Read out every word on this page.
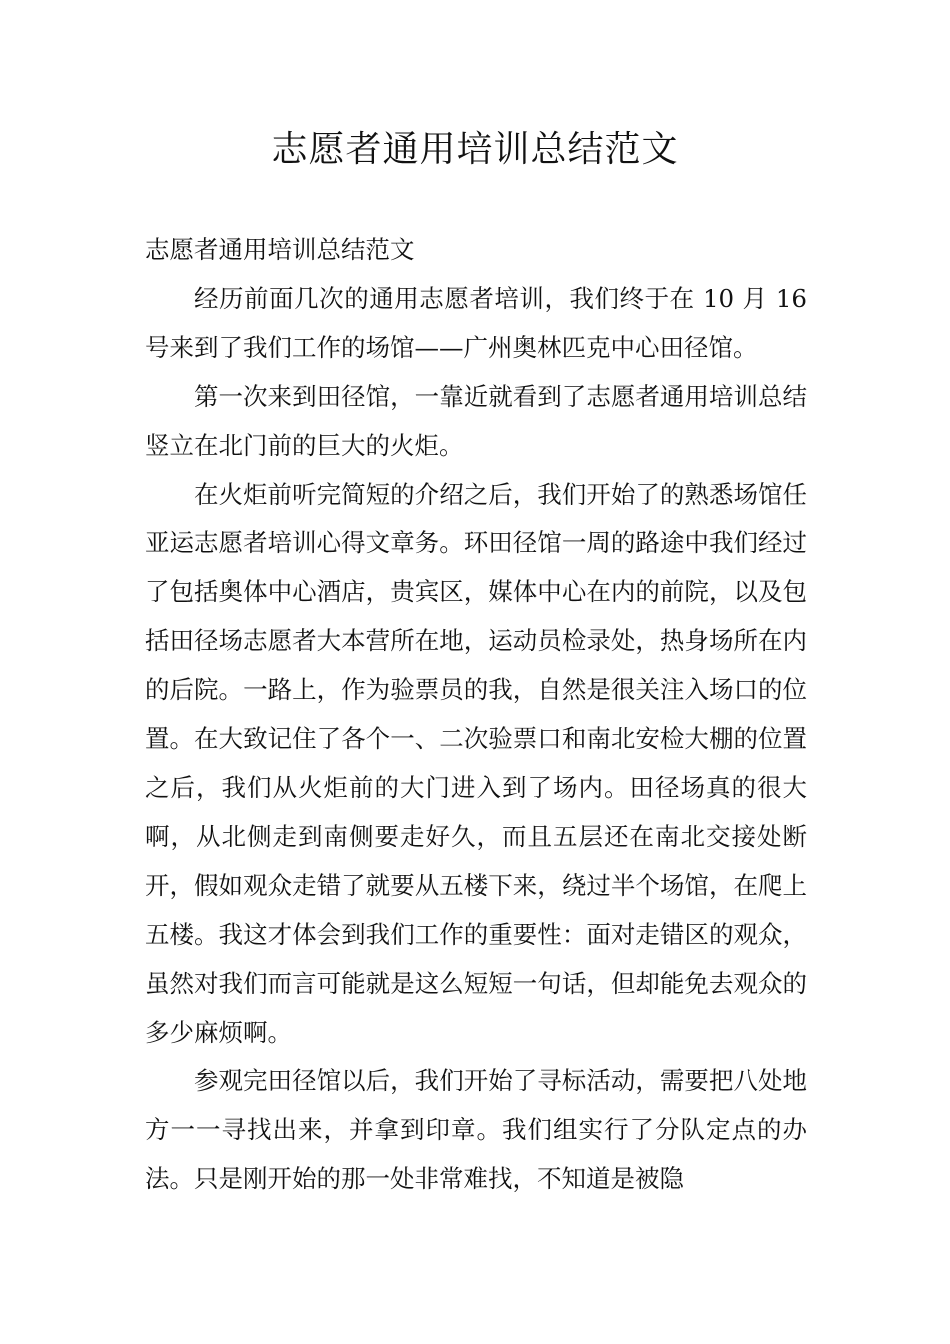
志愿者通用培训总结范文

志愿者通用培训总结范文

经历前面几次的通用志愿者培训，我们终于在 10 月 16 号来到了我们工作的场馆——广州奥林匹克中心田径馆。

第一次来到田径馆，一靠近就看到了志愿者通用培训总结竖立在北门前的巨大的火炬。

在火炬前听完简短的介绍之后，我们开始了的熟悉场馆任亚运志愿者培训心得文章务。环田径馆一周的路途中我们经过了包括奥体中心酒店，贵宾区，媒体中心在内的前院，以及包括田径场志愿者大本营所在地，运动员检录处，热身场所在内的后院。一路上，作为验票员的我，自然是很关注入场口的位置。在大致记住了各个一、二次验票口和南北安检大棚的位置之后，我们从火炬前的大门进入到了场内。田径场真的很大啊，从北侧走到南侧要走好久，而且五层还在南北交接处断开，假如观众走错了就要从五楼下来，绕过半个场馆，在爬上五楼。我这才体会到我们工作的重要性：面对走错区的观众，虽然对我们而言可能就是这么短短一句话，但却能免去观众的多少麻烦啊。

参观完田径馆以后，我们开始了寻标活动，需要把八处地方一一寻找出来，并拿到印章。我们组实行了分队定点的办法。只是刚开始的那一处非常难找，不知道是被隐
